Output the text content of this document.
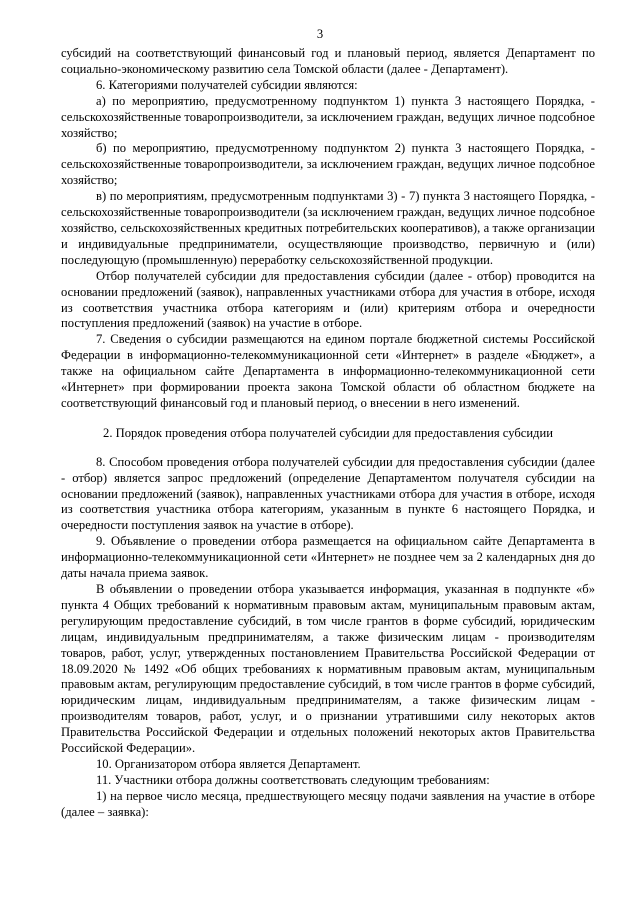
3

субсидий на соответствующий финансовый год и плановый период, является Департамент по социально-экономическому развитию села Томской области (далее - Департамент).

6. Категориями получателей субсидии являются:

а) по мероприятию, предусмотренному подпунктом 1) пункта 3 настоящего Порядка, - сельскохозяйственные товаропроизводители, за исключением граждан, ведущих личное подсобное хозяйство;

б) по мероприятию, предусмотренному подпунктом 2) пункта 3 настоящего Порядка, - сельскохозяйственные товаропроизводители, за исключением граждан, ведущих личное подсобное хозяйство;

в) по мероприятиям, предусмотренным подпунктами 3) - 7) пункта 3 настоящего Порядка, - сельскохозяйственные товаропроизводители (за исключением граждан, ведущих личное подсобное хозяйство, сельскохозяйственных кредитных потребительских кооперативов), а также организации и индивидуальные предприниматели, осуществляющие производство, первичную и (или) последующую (промышленную) переработку сельскохозяйственной продукции.

Отбор получателей субсидии для предоставления субсидии (далее - отбор) проводится на основании предложений (заявок), направленных участниками отбора для участия в отборе, исходя из соответствия участника отбора категориям и (или) критериям отбора и очередности поступления предложений (заявок) на участие в отборе.

7. Сведения о субсидии размещаются на едином портале бюджетной системы Российской Федерации в информационно-телекоммуникационной сети «Интернет» в разделе «Бюджет», а также на официальном сайте Департамента в информационно-телекоммуникационной сети «Интернет» при формировании проекта закона Томской области об областном бюджете на соответствующий финансовый год и плановый период, о внесении в него изменений.

2. Порядок проведения отбора получателей субсидии для предоставления субсидии

8. Способом проведения отбора получателей субсидии для предоставления субсидии (далее - отбор) является запрос предложений (определение Департаментом получателя субсидии на основании предложений (заявок), направленных участниками отбора для участия в отборе, исходя из соответствия участника отбора категориям, указанным в пункте 6 настоящего Порядка, и очередности поступления заявок на участие в отборе).

9. Объявление о проведении отбора размещается на официальном сайте Департамента в информационно-телекоммуникационной сети «Интернет» не позднее чем за 2 календарных дня до даты начала приема заявок.

В объявлении о проведении отбора указывается информация, указанная в подпункте «б» пункта 4 Общих требований к нормативным правовым актам, муниципальным правовым актам, регулирующим предоставление субсидий, в том числе грантов в форме субсидий, юридическим лицам, индивидуальным предпринимателям, а также физическим лицам - производителям товаров, работ, услуг, утвержденных постановлением Правительства Российской Федерации от 18.09.2020 № 1492 «Об общих требованиях к нормативным правовым актам, муниципальным правовым актам, регулирующим предоставление субсидий, в том числе грантов в форме субсидий, юридическим лицам, индивидуальным предпринимателям, а также физическим лицам - производителям товаров, работ, услуг, и о признании утратившими силу некоторых актов Правительства Российской Федерации и отдельных положений некоторых актов Правительства Российской Федерации».

10. Организатором отбора является Департамент.

11. Участники отбора должны соответствовать следующим требованиям:

1) на первое число месяца, предшествующего месяцу подачи заявления на участие в отборе (далее – заявка):
